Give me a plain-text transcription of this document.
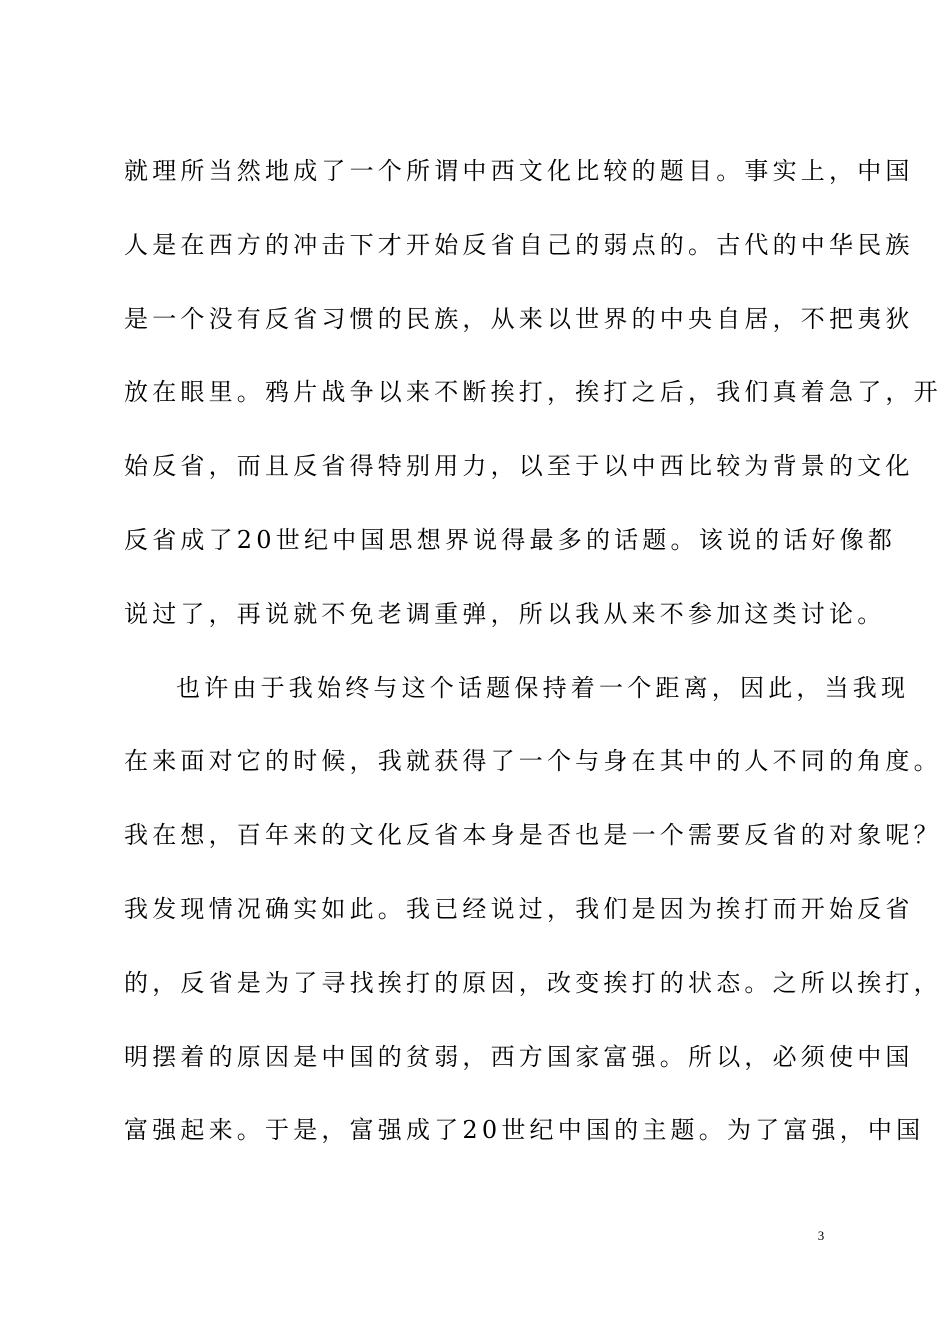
就理所当然地成了一个所谓中西文化比较的题目。事实上，中国
人是在西方的冲击下才开始反省自己的弱点的。古代的中华民族
是一个没有反省习惯的民族，从来以世界的中央自居，不把夷狄
放在眼里。鸦片战争以来不断挨打，挨打之后，我们真着急了，开
始反省，而且反省得特别用力，以至于以中西比较为背景的文化
反省成了20世纪中国思想界说得最多的话题。该说的话好像都
说过了，再说就不免老调重弹，所以我从来不参加这类讨论。
也许由于我始终与这个话题保持着一个距离，因此，当我现
在来面对它的时候，我就获得了一个与身在其中的人不同的角度。
我在想，百年来的文化反省本身是否也是一个需要反省的对象呢？
我发现情况确实如此。我已经说过，我们是因为挨打而开始反省
的，反省是为了寻找挨打的原因，改变挨打的状态。之所以挨打，
明摆着的原因是中国的贫弱，西方国家富强。所以，必须使中国
富强起来。于是，富强成了20世纪中国的主题。为了富强，中国
3
